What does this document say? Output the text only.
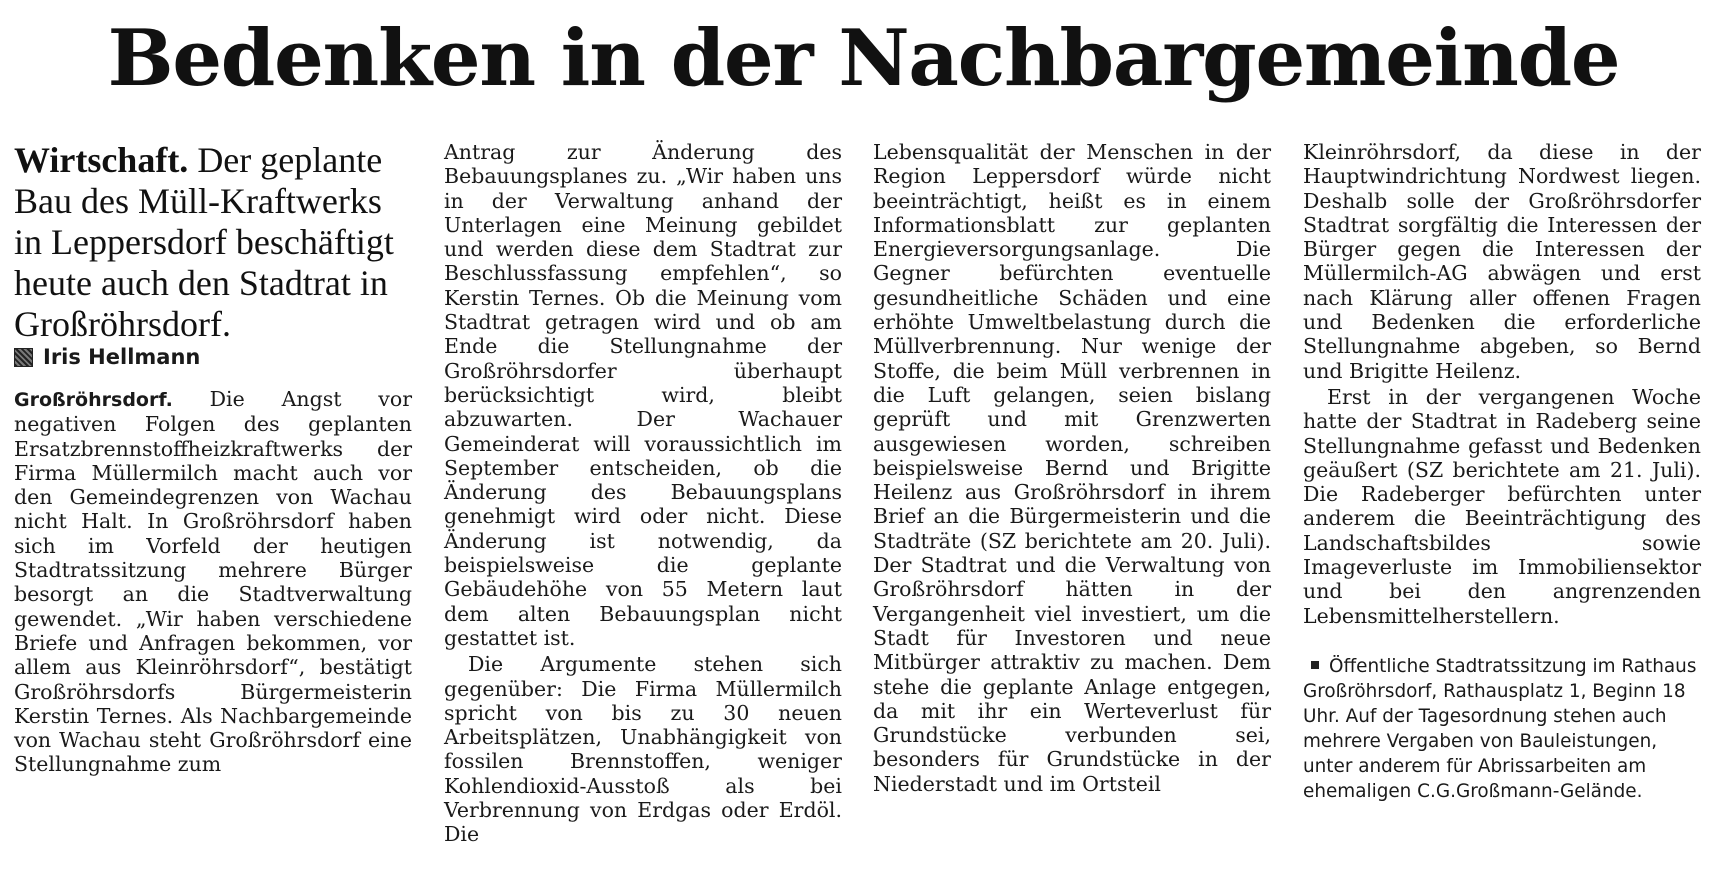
Bedenken in der Nachbargemeinde

Wirtschaft. Der geplante Bau des Müll-Kraftwerks in Leppersdorf beschäftigt heute auch den Stadtrat in Großröhrsdorf.

Iris Hellmann

Großröhrsdorf. Die Angst vor negativen Folgen des geplanten Ersatzbrennstoffheizkraftwerks der Firma Müllermilch macht auch vor den Gemeindegrenzen von Wachau nicht Halt. In Großröhrsdorf haben sich im Vorfeld der heutigen Stadtratssitzung mehrere Bürger besorgt an die Stadtverwaltung gewendet. „Wir haben verschiedene Briefe und Anfragen bekommen, vor allem aus Kleinröhrsdorf“, bestätigt Großröhrsdorfs Bürgermeisterin Kerstin Ternes. Als Nachbargemeinde von Wachau steht Großröhrsdorf eine Stellungnahme zum

Antrag zur Änderung des Bebauungsplanes zu. „Wir haben uns in der Verwaltung anhand der Unterlagen eine Meinung gebildet und werden diese dem Stadtrat zur Beschlussfassung empfehlen“, so Kerstin Ternes. Ob die Meinung vom Stadtrat getragen wird und ob am Ende die Stellungnahme der Großröhrsdorfer überhaupt berücksichtigt wird, bleibt abzuwarten. Der Wachauer Gemeinderat will voraussichtlich im September entscheiden, ob die Änderung des Bebauungsplans genehmigt wird oder nicht. Diese Änderung ist notwendig, da beispielsweise die geplante Gebäudehöhe von 55 Metern laut dem alten Bebauungsplan nicht gestattet ist.

Die Argumente stehen sich gegenüber: Die Firma Müllermilch spricht von bis zu 30 neuen Arbeitsplätzen, Unabhängigkeit von fossilen Brennstoffen, weniger Kohlendioxid-Ausstoß als bei Verbrennung von Erdgas oder Erdöl. Die

Lebensqualität der Menschen in der Region Leppersdorf würde nicht beeinträchtigt, heißt es in einem Informationsblatt zur geplanten Energieversorgungsanlage. Die Gegner befürchten eventuelle gesundheitliche Schäden und eine erhöhte Umweltbelastung durch die Müllverbrennung. Nur wenige der Stoffe, die beim Müll verbrennen in die Luft gelangen, seien bislang geprüft und mit Grenzwerten ausgewiesen worden, schreiben beispielsweise Bernd und Brigitte Heilenz aus Großröhrsdorf in ihrem Brief an die Bürgermeisterin und die Stadträte (SZ berichtete am 20. Juli). Der Stadtrat und die Verwaltung von Großröhrsdorf hätten in der Vergangenheit viel investiert, um die Stadt für Investoren und neue Mitbürger attraktiv zu machen. Dem stehe die geplante Anlage entgegen, da mit ihr ein Werteverlust für Grundstücke verbunden sei, besonders für Grundstücke in der Niederstadt und im Ortsteil

Kleinröhrsdorf, da diese in der Hauptwindrichtung Nordwest liegen. Deshalb solle der Großröhrsdorfer Stadtrat sorgfältig die Interessen der Bürger gegen die Interessen der Müllermilch-AG abwägen und erst nach Klärung aller offenen Fragen und Bedenken die erforderliche Stellungnahme abgeben, so Bernd und Brigitte Heilenz.

Erst in der vergangenen Woche hatte der Stadtrat in Radeberg seine Stellungnahme gefasst und Bedenken geäußert (SZ berichtete am 21. Juli). Die Radeberger befürchten unter anderem die Beeinträchtigung des Landschaftsbildes sowie Imageverluste im Immobiliensektor und bei den angrenzenden Lebensmittelherstellern.

Öffentliche Stadtratssitzung im Rathaus Großröhrsdorf, Rathausplatz 1, Beginn 18 Uhr. Auf der Tagesordnung stehen auch mehrere Vergaben von Bauleistungen, unter anderem für Abrissarbeiten am ehemaligen C.G.Großmann-Gelände.
